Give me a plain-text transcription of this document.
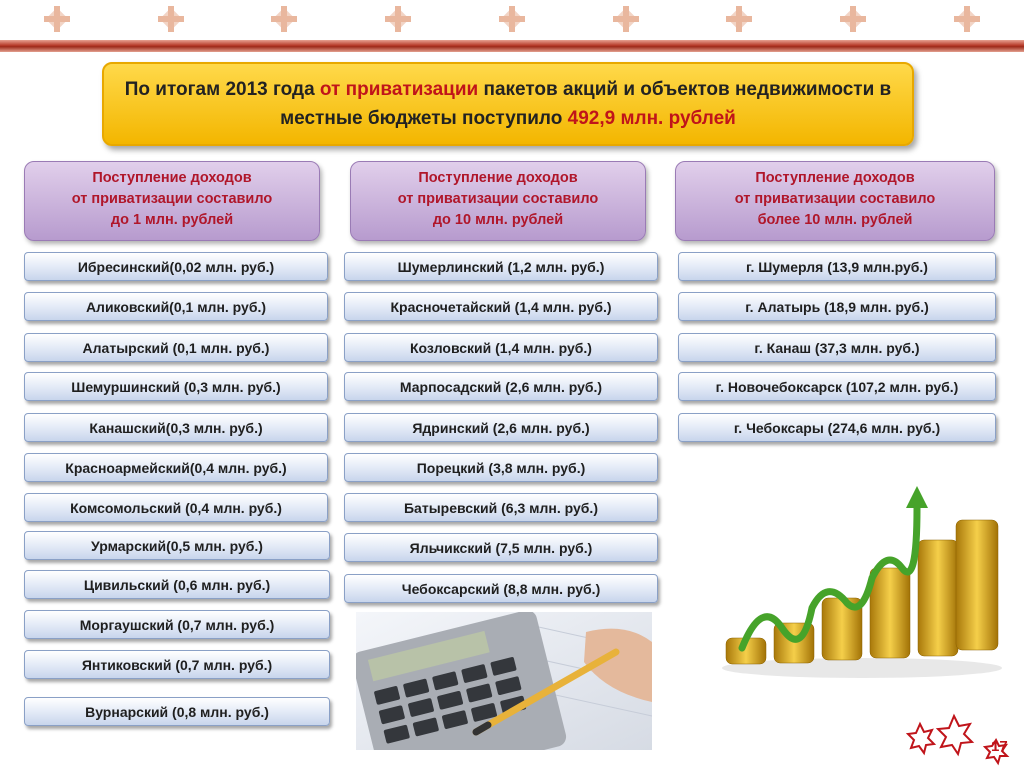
По итогам 2013 года от приватизации пакетов акций и объектов недвижимости в местные бюджеты поступило 492,9 млн. рублей
Поступление доходов
от приватизации составило
до 1 млн. рублей
Поступление доходов
от приватизации составило
до 10 млн. рублей
Поступление доходов
от приватизации составило
более 10 млн. рублей
Ибресинский(0,02 млн. руб.)
Аликовский(0,1 млн. руб.)
Алатырский (0,1 млн. руб.)
Шемуршинский (0,3 млн. руб.)
Канашский(0,3 млн. руб.)
Красноармейский(0,4 млн. руб.)
Комсомольский (0,4 млн. руб.)
Урмарский(0,5 млн. руб.)
Цивильский (0,6 млн. руб.)
Моргаушский (0,7 млн. руб.)
Янтиковский (0,7 млн. руб.)
Вурнарский (0,8 млн. руб.)
Шумерлинский (1,2 млн. руб.)
Красночетайский (1,4 млн. руб.)
Козловский (1,4 млн. руб.)
Марпосадский (2,6 млн. руб.)
Ядринский (2,6 млн. руб.)
Порецкий (3,8 млн. руб.)
Батыревский (6,3 млн. руб.)
Яльчикский (7,5 млн. руб.)
Чебоксарский (8,8 млн. руб.)
г. Шумерля (13,9 млн.руб.)
г. Алатырь (18,9 млн. руб.)
г. Канаш (37,3 млн. руб.)
г. Новочебоксарск (107,2 млн. руб.)
г. Чебоксары (274,6 млн. руб.)
17
